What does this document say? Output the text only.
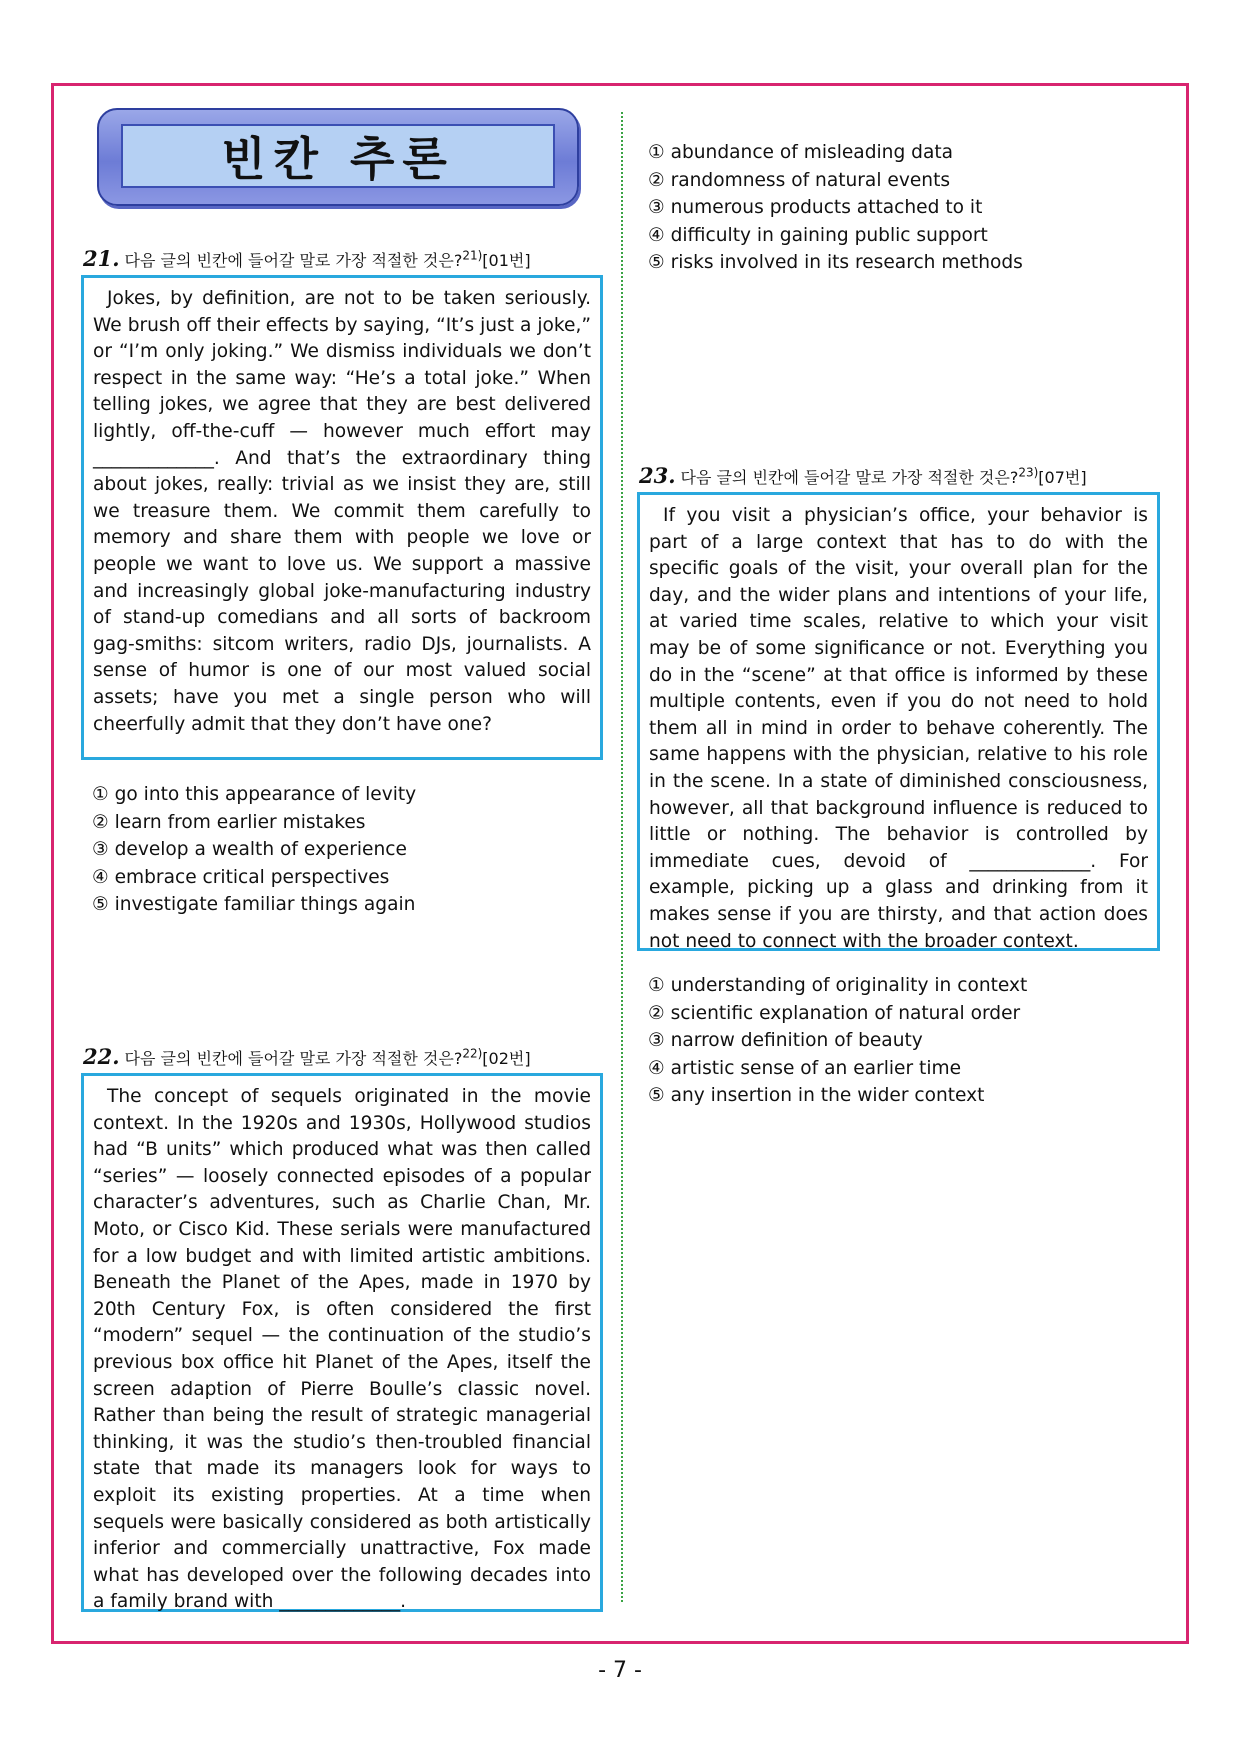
빈칸 추론
21. 다음 글의 빈칸에 들어갈 말로 가장 적절한 것은?$^{21)}$[01번]
Jokes, by definition, are not to be taken seriously. We brush off their effects by saying, “It’s just a joke,” or “I’m only joking.” We dismiss individuals we don’t respect in the same way: “He’s a total joke.” When telling jokes, we agree that they are best delivered lightly, off-the-cuff — however much effort may _____________. And that’s the extraordinary thing about jokes, really: trivial as we insist they are, still we treasure them. We commit them carefully to memory and share them with people we love or people we want to love us. We support a massive and increasingly global joke-manufacturing industry of stand-up comedians and all sorts of backroom gag-smiths: sitcom writers, radio DJs, journalists. A sense of humor is one of our most valued social assets; have you met a single person who will cheerfully admit that they don’t have one?
① go into this appearance of levity
② learn from earlier mistakes
③ develop a wealth of experience
④ embrace critical perspectives
⑤ investigate familiar things again
22. 다음 글의 빈칸에 들어갈 말로 가장 적절한 것은?$^{22)}$[02번]
The concept of sequels originated in the movie context. In the 1920s and 1930s, Hollywood studios had “B units” which produced what was then called “series” — loosely connected episodes of a popular character’s adventures, such as Charlie Chan, Mr. Moto, or Cisco Kid. These serials were manufactured for a low budget and with limited artistic ambitions. Beneath the Planet of the Apes, made in 1970 by 20th Century Fox, is often considered the first “modern” sequel — the continuation of the studio’s previous box office hit Planet of the Apes, itself the screen adaption of Pierre Boulle’s classic novel. Rather than being the result of strategic managerial thinking, it was the studio’s then-troubled financial state that made its managers look for ways to exploit its existing properties. At a time when sequels were basically considered as both artistically inferior and commercially unattractive, Fox made what has developed over the following decades into a family brand with _____________.
① abundance of misleading data
② randomness of natural events
③ numerous products attached to it
④ difficulty in gaining public support
⑤ risks involved in its research methods
23. 다음 글의 빈칸에 들어갈 말로 가장 적절한 것은?$^{23)}$[07번]
If you visit a physician’s office, your behavior is part of a large context that has to do with the specific goals of the visit, your overall plan for the day, and the wider plans and intentions of your life, at varied time scales, relative to which your visit may be of some significance or not. Everything you do in the “scene” at that office is informed by these multiple contents, even if you do not need to hold them all in mind in order to behave coherently. The same happens with the physician, relative to his role in the scene. In a state of diminished consciousness, however, all that background influence is reduced to little or nothing. The behavior is controlled by immediate cues, devoid of _____________. For example, picking up a glass and drinking from it makes sense if you are thirsty, and that action does not need to connect with the broader context.
① understanding of originality in context
② scientific explanation of natural order
③ narrow definition of beauty
④ artistic sense of an earlier time
⑤ any insertion in the wider context
- 7 -
